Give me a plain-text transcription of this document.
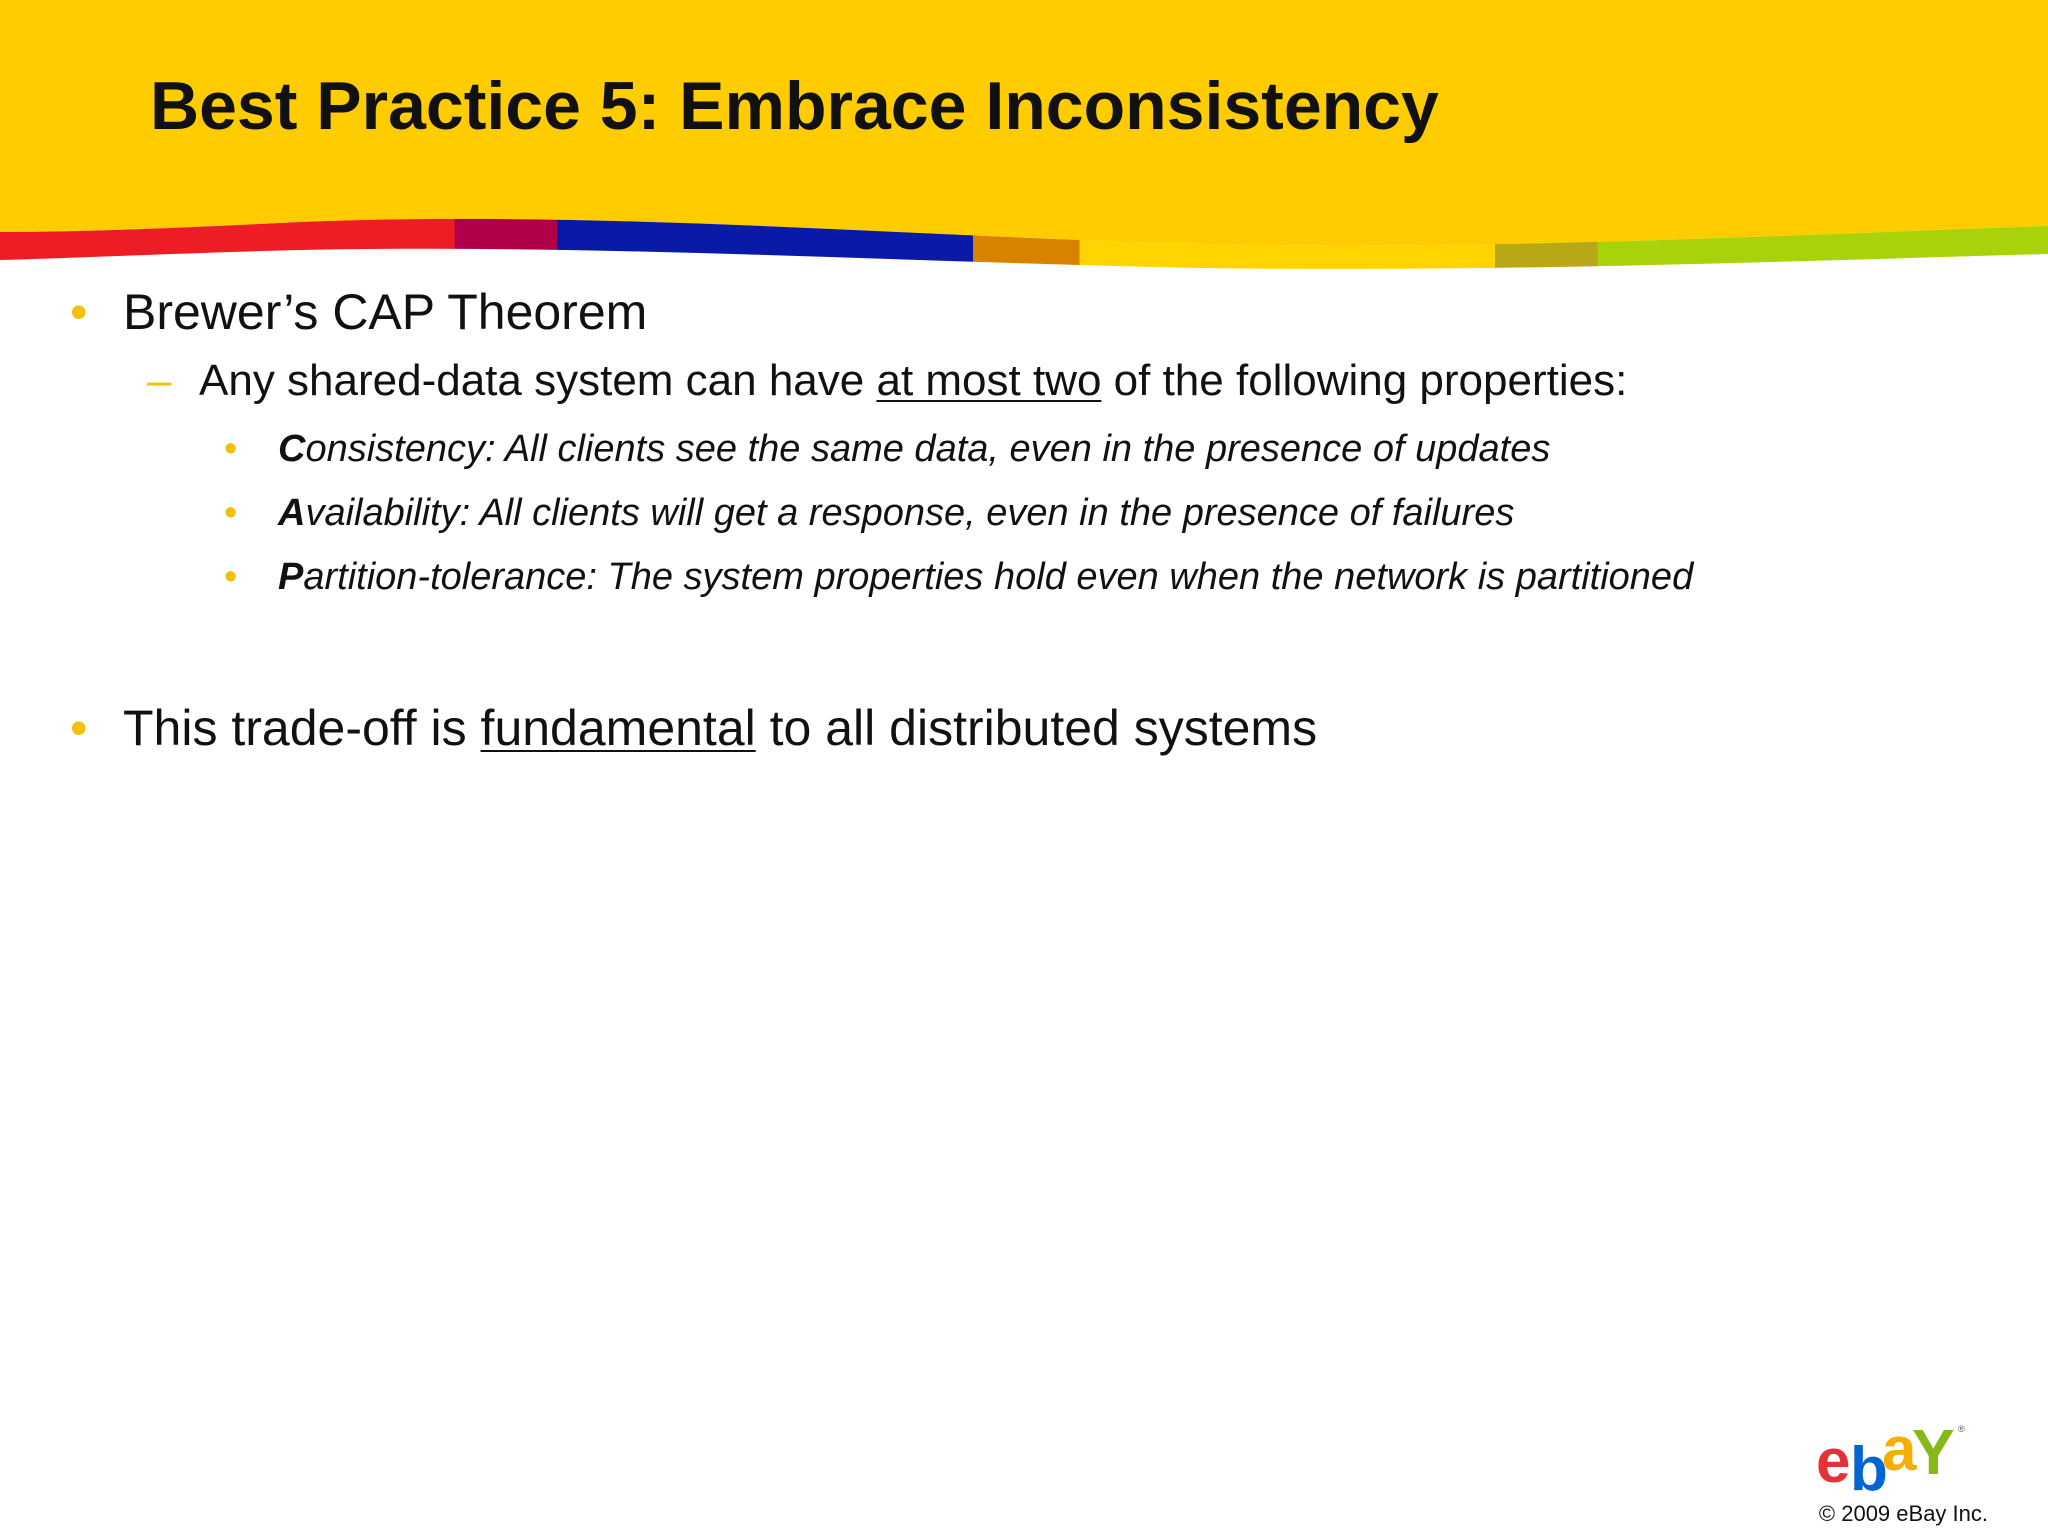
Best Practice 5: Embrace Inconsistency
• Brewer’s CAP Theorem
– Any shared-data system can have at most two of the following properties:
• Consistency: All clients see the same data, even in the presence of updates
• Availability: All clients will get a response, even in the presence of failures
• Partition-tolerance: The system properties hold even when the network is partitioned
• This trade-off is fundamental to all distributed systems
e b
a
Y ®
© 2009 eBay Inc.
